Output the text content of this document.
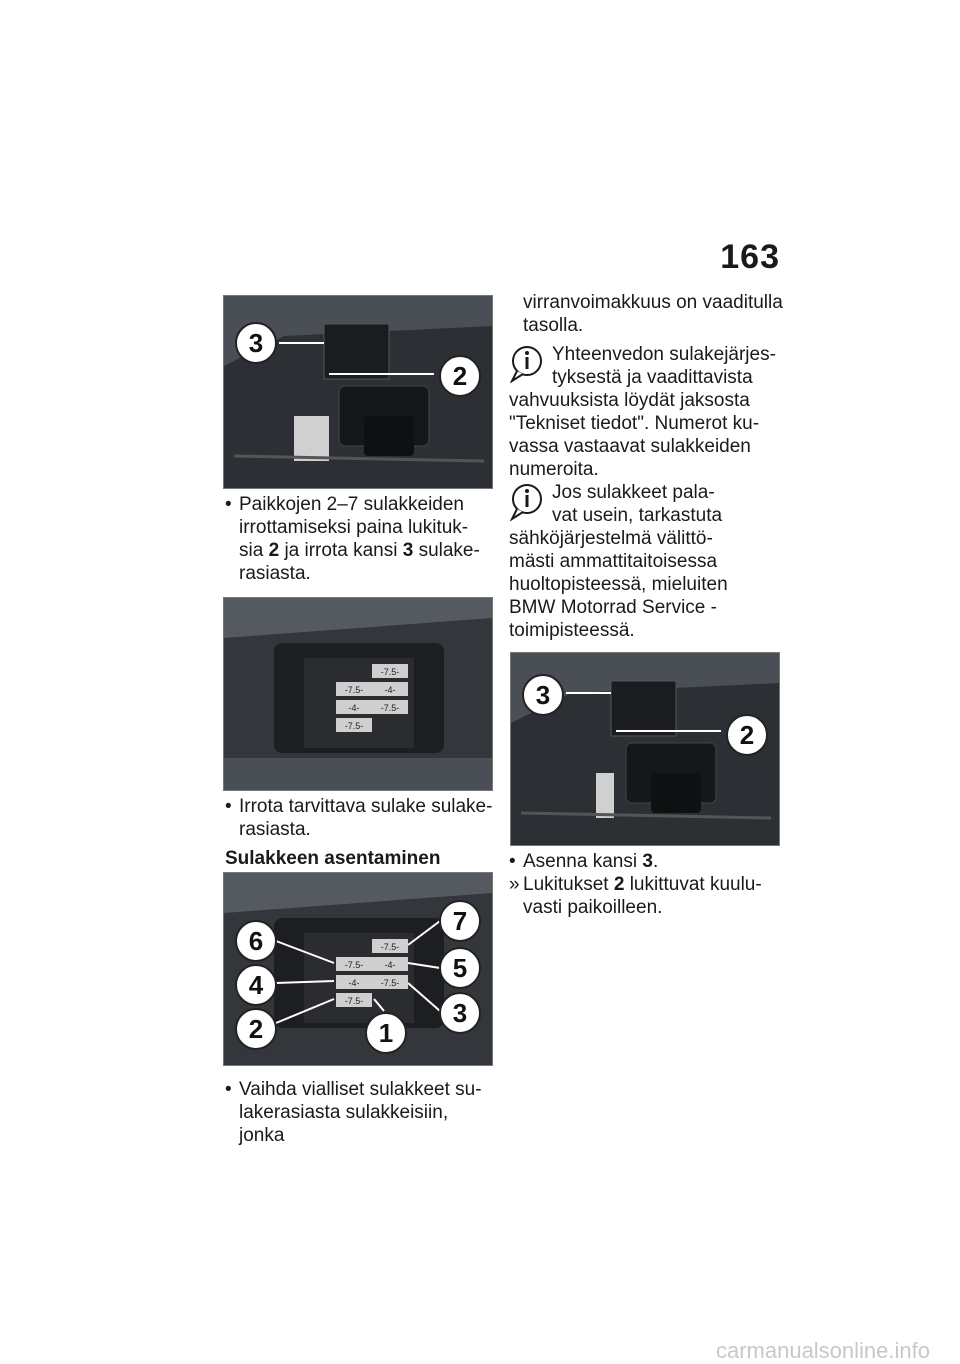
163
3
2
• Paikkojen 2–7 sulakkeiden
irrottamiseksi paina lukituk-
sia 2 ja irrota kansi 3 sulake-
rasiasta.
-7.5-
-7.5- -4-
-4- -7.5-
-7.5-
• Irrota tarvittava sulake sulake-
rasiasta.
Sulakkeen asentaminen
6
4
2
7
5
3
1
-7.5-
-7.5- -4-
-4- -7.5-
-7.5-
• Vaihda vialliset sulakkeet su-
lakerasiasta sulakkeisiin, jonka
virranvoimakkuus on vaaditulla
tasolla.
Yhteenvedon sulakejärjes-
tyksestä ja vaadittavista
vahvuuksista löydät jaksosta
"Tekniset tiedot". Numerot ku-
vassa vastaavat sulakkeiden
numeroita.
Jos sulakkeet pala-
vat usein, tarkastuta
sähköjärjestelmä välittö-
mästi ammattitaitoisessa
huoltopisteessä, mieluiten
BMW Motorrad Service -
toimipisteessä.
3
2
• Asenna kansi 3.
» Lukitukset 2 lukittuvat kuulu-
vasti paikoilleen.
carmanualsonline.info
